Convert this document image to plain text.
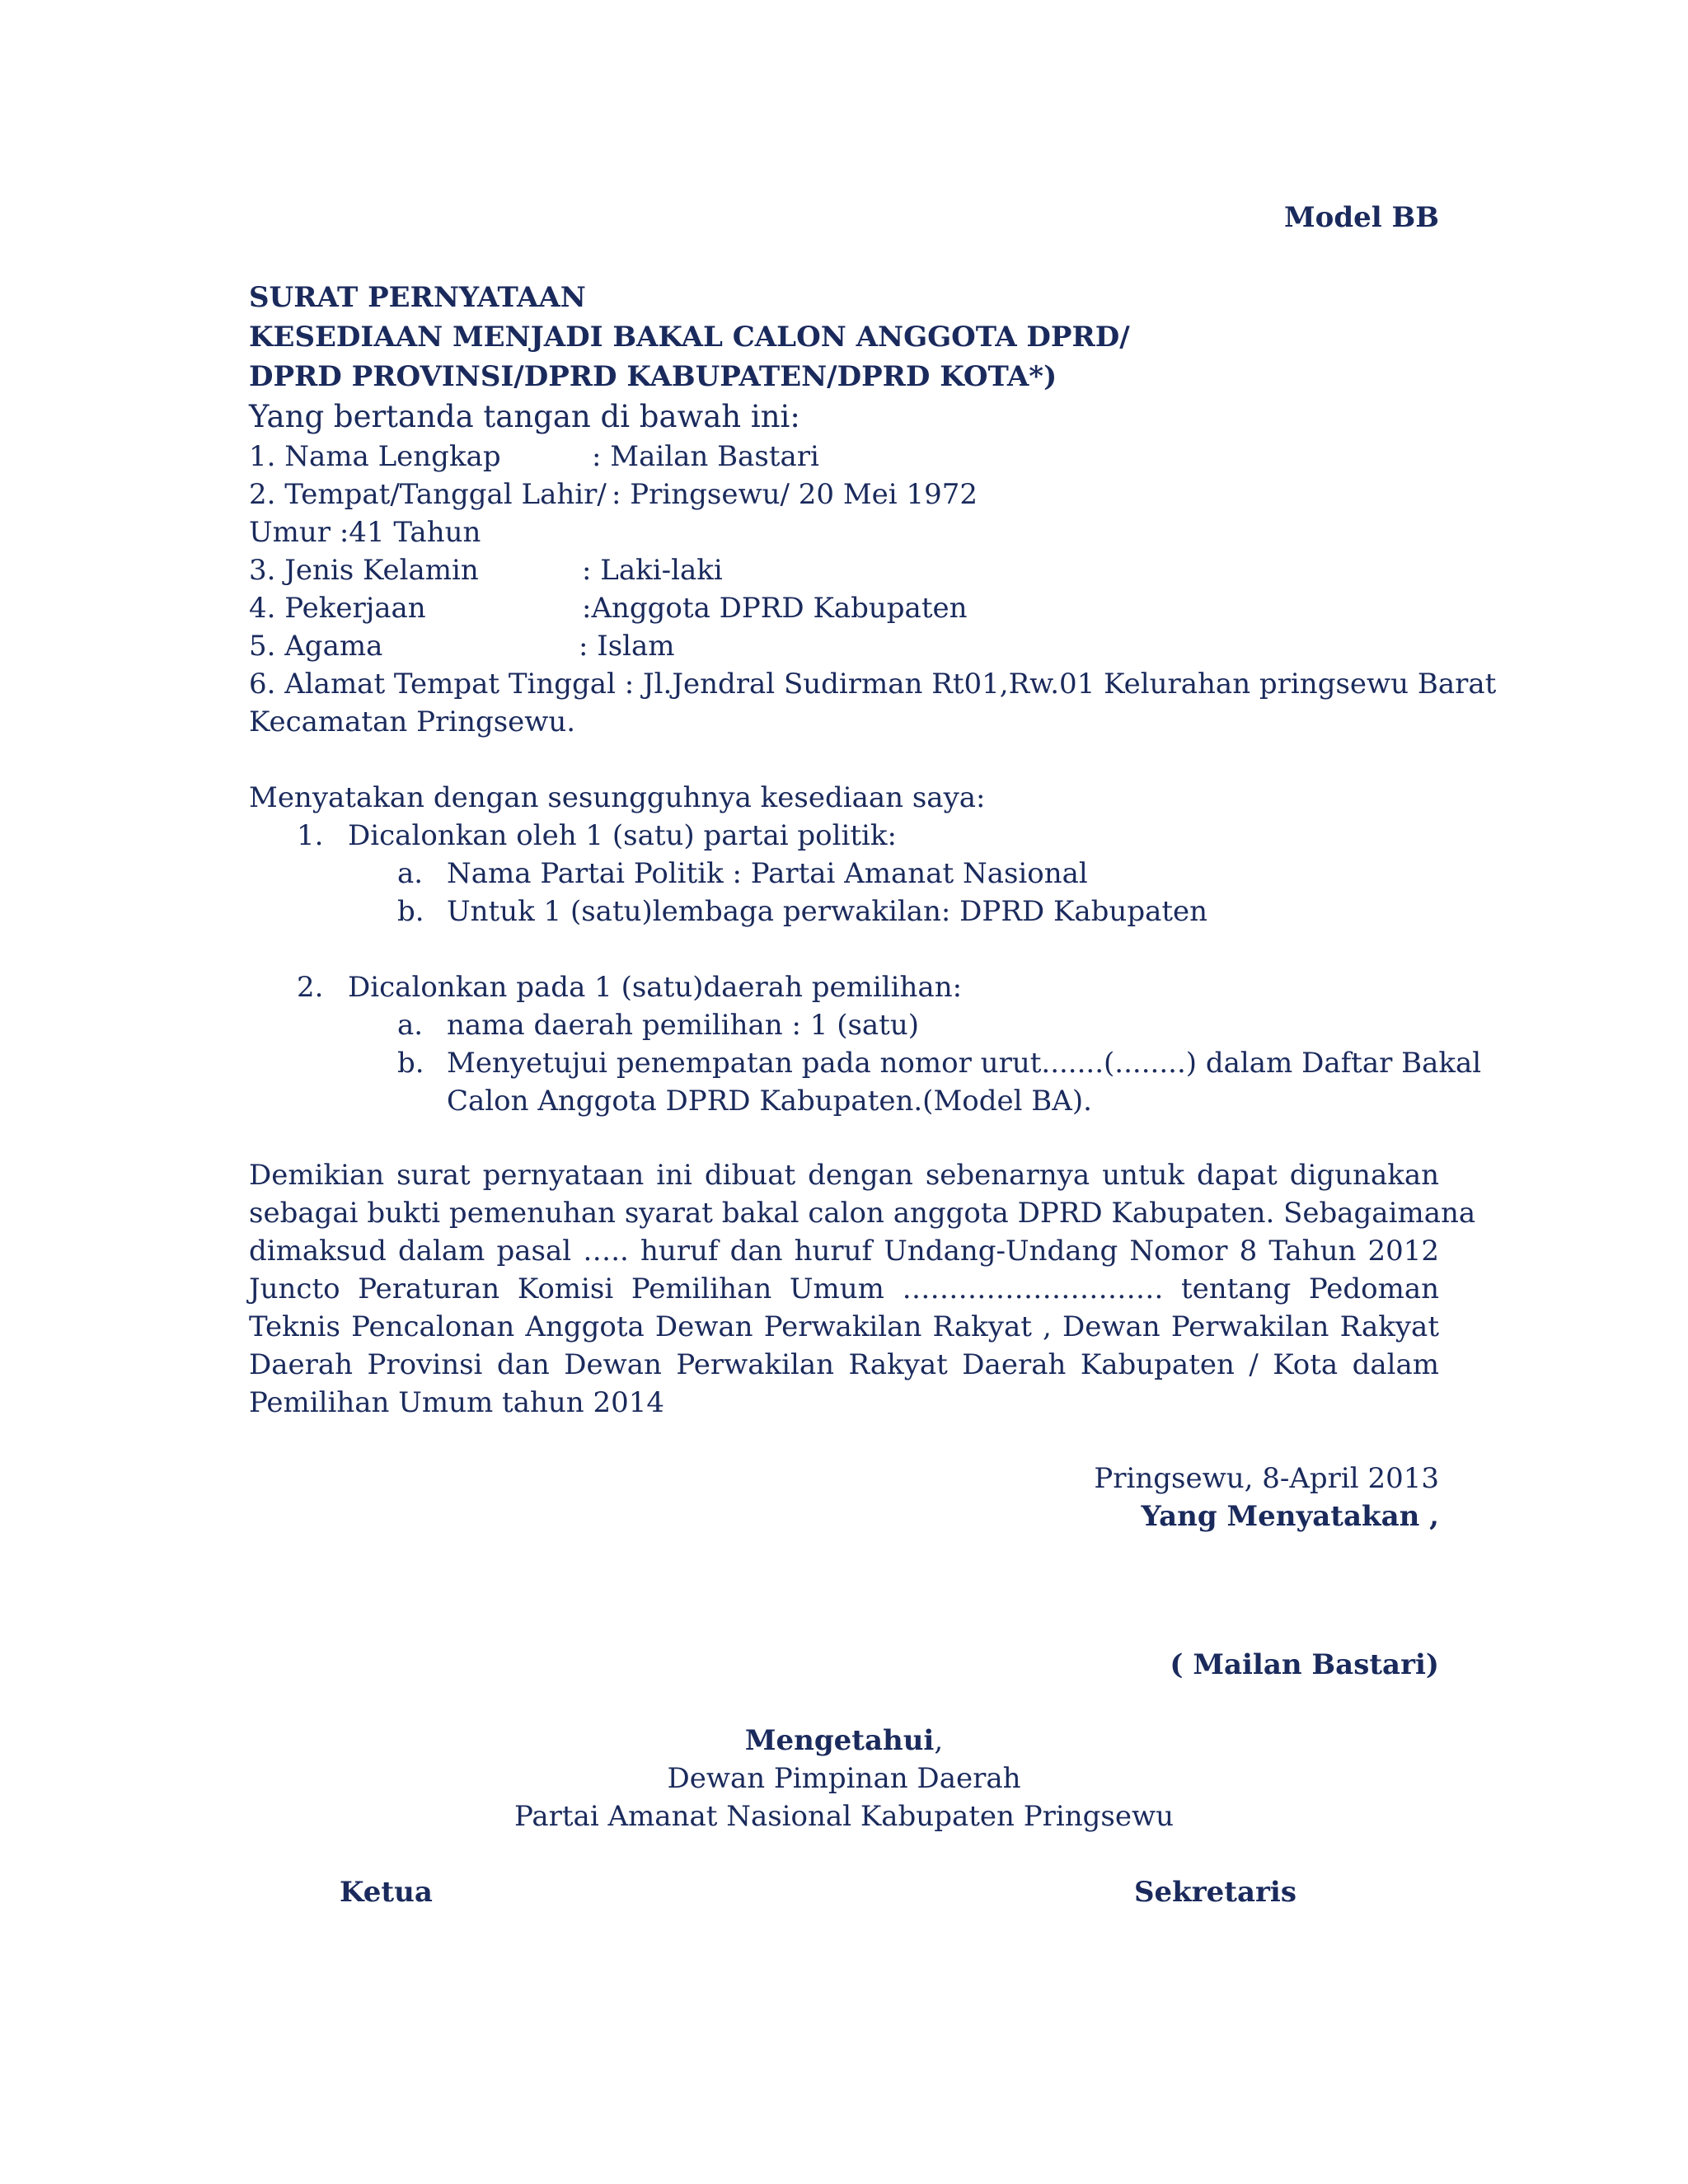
Model BB
SURAT PERNYATAAN
KESEDIAAN MENJADI BAKAL CALON ANGGOTA DPRD/
DPRD PROVINSI/DPRD KABUPATEN/DPRD KOTA*)
Yang bertanda tangan di bawah ini:
1. Nama Lengkap	: Mailan Bastari
2. Tempat/Tanggal Lahir/ : Pringsewu/ 20 Mei 1972
Umur :41 Tahun
3. Jenis Kelamin	: Laki-laki
4. Pekerjaan	:Anggota DPRD Kabupaten
5. Agama	: Islam
6. Alamat Tempat Tinggal : Jl.Jendral Sudirman Rt01,Rw.01 Kelurahan pringsewu Barat
Kecamatan Pringsewu.
Menyatakan dengan sesungguhnya kesediaan saya:
1. Dicalonkan oleh 1 (satu) partai politik:
a. Nama Partai Politik : Partai Amanat Nasional
b. Untuk 1 (satu)lembaga perwakilan: DPRD Kabupaten
2. Dicalonkan pada 1 (satu)daerah pemilihan:
a. nama daerah pemilihan : 1 (satu)
b. Menyetujui penempatan pada nomor urut.......(........) dalam Daftar Bakal
Calon Anggota DPRD Kabupaten.(Model BA).
Demikian surat pernyataan ini dibuat dengan sebenarnya untuk dapat digunakan
sebagai bukti pemenuhan syarat bakal calon anggota DPRD Kabupaten. Sebagaimana
dimaksud dalam pasal ….. huruf dan huruf Undang-Undang Nomor 8 Tahun 2012
Juncto Peraturan Komisi Pemilihan Umum ………………………. tentang Pedoman
Teknis Pencalonan Anggota Dewan Perwakilan Rakyat , Dewan Perwakilan Rakyat
Daerah Provinsi dan Dewan Perwakilan Rakyat Daerah Kabupaten / Kota dalam
Pemilihan Umum tahun 2014
Pringsewu, 8-April 2013
Yang Menyatakan ,
( Mailan Bastari)
Mengetahui,
Dewan Pimpinan Daerah
Partai Amanat Nasional Kabupaten Pringsewu
Ketua	Sekretaris
